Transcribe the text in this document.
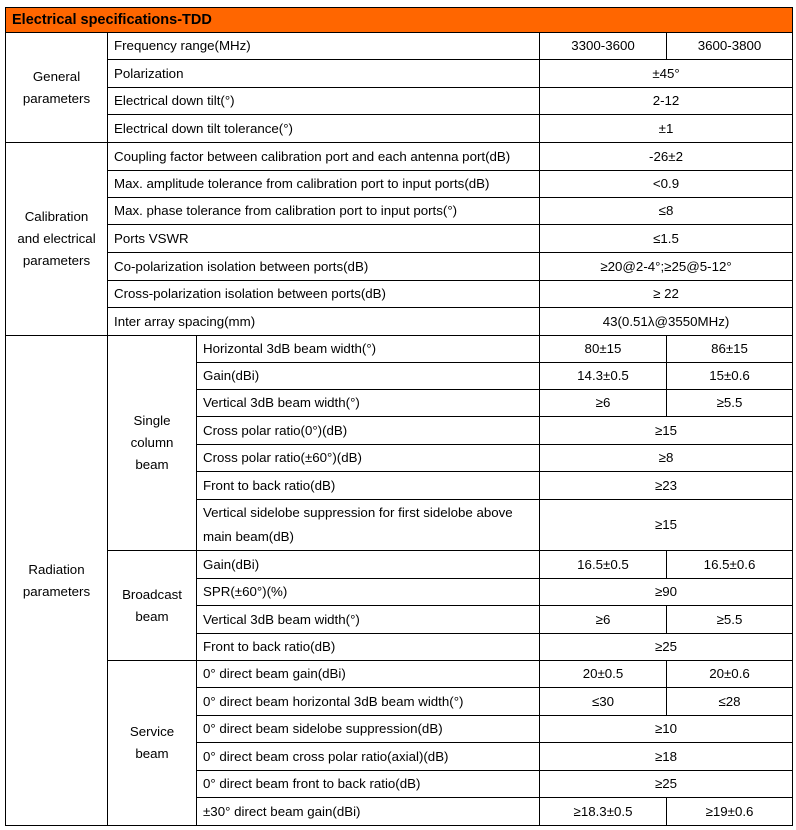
Electrical specifications-TDD				
General parameters	Frequency range(MHz)		3300-3600	3600-3800
	Polarization		±45°	
	Electrical down tilt(°)		2-12	
	Electrical down tilt tolerance(°)		±1	
Calibration and electrical parameters	Coupling factor between calibration port and each antenna port(dB)		-26±2	
	Max. amplitude tolerance from calibration port to input ports(dB)		<0.9	
	Max. phase tolerance from calibration port to input ports(°)		≤8	
	Ports VSWR		≤1.5	
	Co-polarization isolation between ports(dB)		≥20@2-4°;≥25@5-12°	
	Cross-polarization isolation between ports(dB)		≥ 22	
	Inter array spacing(mm)		43(0.51λ@3550MHz)	
Radiation parameters	Single column beam	Horizontal 3dB beam width(°)	80±15	86±15
		Gain(dBi)	14.3±0.5	15±0.6
		Vertical 3dB beam width(°)	≥6	≥5.5
		Cross polar ratio(0°)(dB)	≥15	
		Cross polar ratio(±60°)(dB)	≥8	
		Front to back ratio(dB)	≥23	
		Vertical sidelobe suppression for first sidelobe above main beam(dB)	≥15	
	Broadcast beam	Gain(dBi)	16.5±0.5	16.5±0.6
		SPR(±60°)(%)	≥90	
		Vertical 3dB beam width(°)	≥6	≥5.5
		Front to back ratio(dB)	≥25	
	Service beam	0° direct beam gain(dBi)	20±0.5	20±0.6
		0° direct beam horizontal 3dB beam width(°)	≤30	≤28
		0° direct beam sidelobe suppression(dB)	≥10	
		0° direct beam cross polar ratio(axial)(dB)	≥18	
		0° direct beam front to back ratio(dB)	≥25	
		±30° direct beam gain(dBi)	≥18.3±0.5	≥19±0.6
